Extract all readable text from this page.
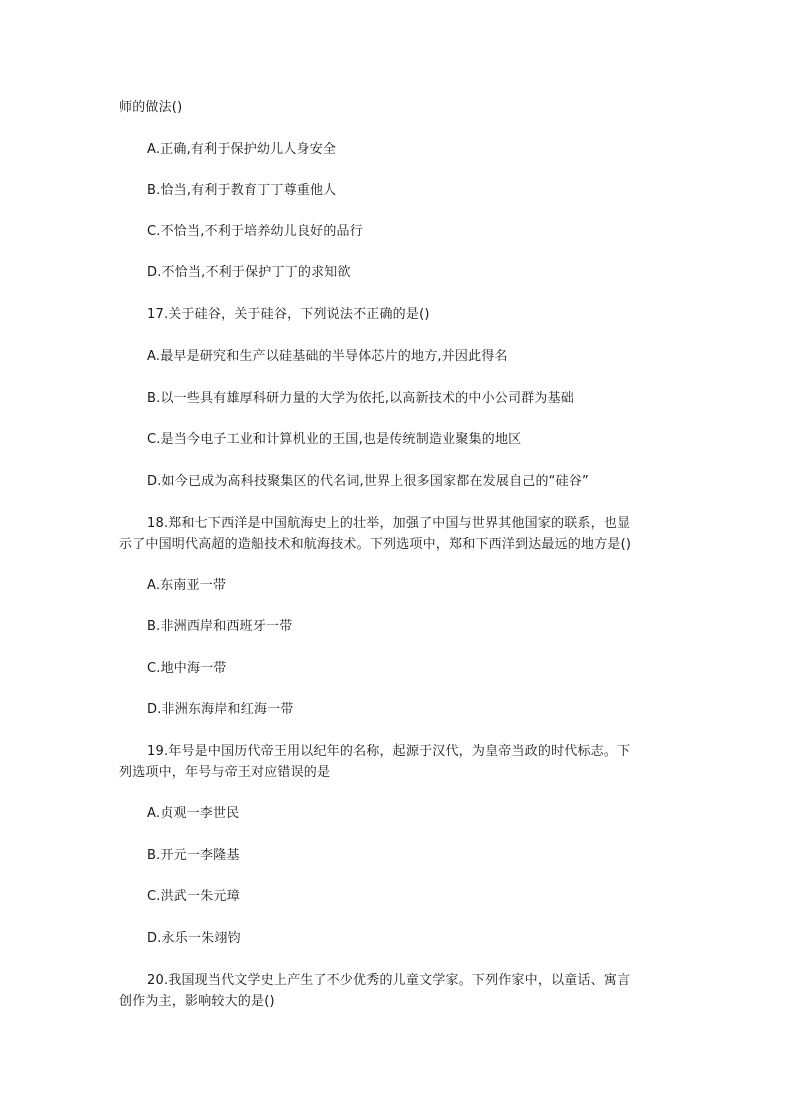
师的做法()
A.正确,有利于保护幼儿人身安全
B.恰当,有利于教育丁丁尊重他人
C.不恰当,不利于培养幼儿良好的品行
D.不恰当,不利于保护丁丁的求知欲
17.关于硅谷，关于硅谷，下列说法不正确的是()
A.最早是研究和生产以硅基础的半导体芯片的地方,并因此得名
B.以一些具有雄厚科研力量的大学为依托,以高新技术的中小公司群为基础
C.是当今电子工业和计算机业的王国,也是传统制造业聚集的地区
D.如今已成为高科技聚集区的代名词,世界上很多国家都在发展自己的“硅谷”
18.郑和七下西洋是中国航海史上的壮举，加强了中国与世界其他国家的联系，也显
示了中国明代高超的造船技术和航海技术。下列选项中，郑和下西洋到达最远的地方是()
A.东南亚一带
B.非洲西岸和西班牙一带
C.地中海一带
D.非洲东海岸和红海一带
19.年号是中国历代帝王用以纪年的名称，起源于汉代，为皇帝当政的时代标志。下
列选项中，年号与帝王对应错误的是
A.贞观一李世民
B.开元一李隆基
C.洪武一朱元璋
D.永乐一朱翊钧
20.我国现当代文学史上产生了不少优秀的儿童文学家。下列作家中，以童话、寓言
创作为主，影响较大的是()
